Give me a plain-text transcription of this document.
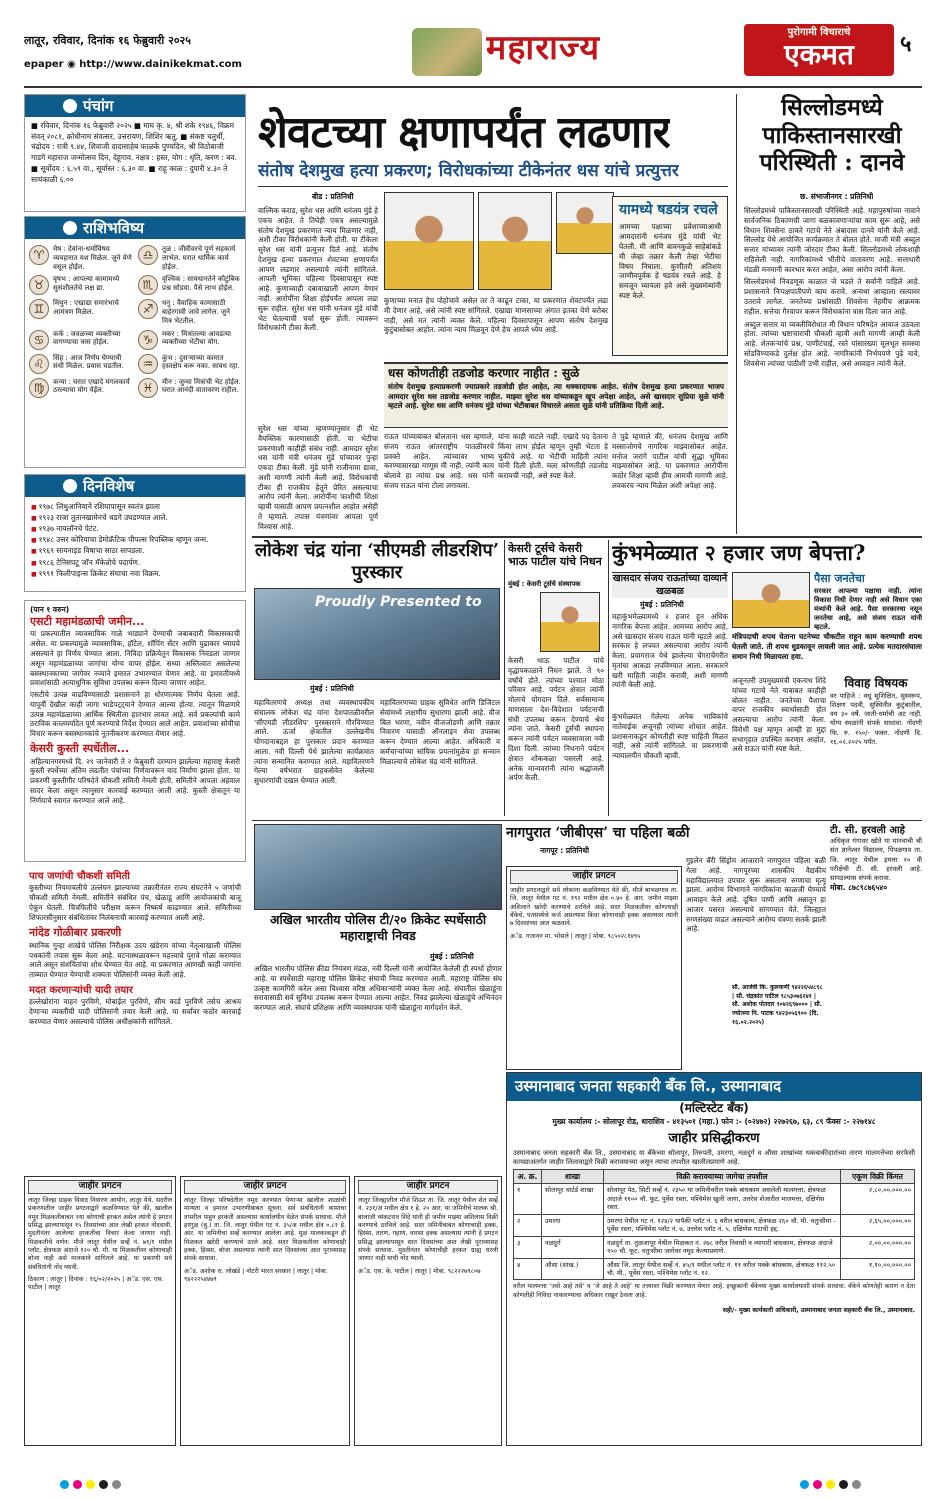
लातूर, रविवार, दिनांक १६ फेब्रुवारी २०२५
epaper ◉ http://www.dainikekmat.com	महाराज्य	पुरोगामी विचाराचे
एकमत	५
पंचांग
■ रविवार, दिनांक १६ फेब्रुवारी २०२५ ■ माघ कृ. ४, श्री शके १९४६, विक्रम संवत् २०८१, क्रोधीनाम संवत्सर, उत्तरायण, शिशिर ऋतु, ■ संकष्ट चतुर्थी, चंद्रोदय : रात्री ९.४४, शिवाजी दादासाहेब फाळके पुण्यदिन, श्री विठोबाजी गाडगे महाराज जन्मोत्सव दिन, देहूगाव. नक्षत्र : हस्त, योग : धृति, करण : बव. ■ सूर्योदय : ६.५९ वा., सूर्यास्त : ६.३० वा. ■ राहू काळ : दुपारी ४.३० ते सायंकाळी ६.००
राशिभविष्य
♈	मेष : देवांना-धर्माविषय व्यवहारात यश मिळेल. जुने येणे वसूल होईल.
♎	तुळ : जीवीवरचे पूर्ण सहकार्य लाभेल. घरात धार्मिक कार्य होईल.
♉	वृषभ : आपल्या कामामध्ये सुसंशीलतेचे लक्ष द्या.	♏	वृश्चिक : सावधानतेने कौटुंबिक प्रश्न सोडवा. पैसे लाभ होईल.
♊	मिथुन : एखाद्या समारंभाचे आमंत्रण मिळेल.	♐	धनु : वैवाहिक कामासाठी बाहेरगावी जावे लागेल. जुने मित्र भेटतील.
♋	कर्क : जवळच्या व्यक्तीच्या वागण्याचा त्रास होईल.	♑	मकर : मित्रांतल्या आवडत्या व्यक्तीच्या भेटीचा योग.
♌	सिंह : आज निर्णय घेण्याची संधी मिळेल. प्रवास घडतील.	♒	कुंभ : दुसऱ्याच्या कामात हस्तक्षेप करू नका. सावध रहा.
♍	कन्या : घरात एखादे मंगलकार्य ठरल्याचा योग येईल.	♓	मीन : जुन्या मित्रांची भेट होईल. घरात आनंदी वातावरण राहील.
दिनविशेष
■ १९७८ लिथुआनियाने रशियापासून स्वतंत्र झाला
■ १९२३ राजा तुतानखामेनचे थडगे उघडण्यात आले.
■ १९३७ नायलॉनचे पेटंट.
■ १९४८ उत्तर कोरियाचा डेमोक्रॅटिक पीपल्स रिपब्लिक म्हणून जन्म.
■ १९६९ सायनाइड विषाचा साठा सापडला.
■ १९८६ टेनिसपटू जॉन मॅकेन्रोचे पदार्पण.
■ १९९१ फिलीपाइन्स क्रिकेट संघाचा नवा विक्रम.
(पान १ वरुन)
एसटी महामंडळाची जमीन...

या प्रकल्पातील व्यावसायिक गाळे भाड्याने देण्याची जबाबदारी विकासकाची असेल. या प्रकल्पामुळे व्यावसायिक, हॉटेल, शॉपिंग सेंटर आणि पुढाकार घ्यायचे असल्याने हा निर्णय घेण्यात आला. निविदा प्रक्रियेतून विकासक निवडला जाणार असून महामंडळाच्या जागांचा योग्य वापर होईल. सध्या अस्तित्वात असलेल्या बसस्थानकाच्या जागेवर नव्याने इमारत उभारण्यात येणार आहे. या इमारतीमध्ये प्रवाशांसाठी अत्याधुनिक सुविधा उपलब्ध करून दिल्या जाणार आहेत.

एसटीचे उत्पन्न वाढविण्यासाठी प्रशासनाने हा धोरणात्मक निर्णय घेतला आहे. यापूर्वी देखील काही जागा भाडेपट्ट्याने देण्यात आल्या होत्या. त्यातून मिळणारे उत्पन्न महामंडळाच्या आर्थिक स्थितीला हातभार लावत आहे. सर्व प्रकल्पांची कामे ठराविक कालमर्यादेत पूर्ण करण्याचे निर्देश देण्यात आले आहेत. प्रवाशांच्या सोयीचा विचार करून बसस्थानकांचे नूतनीकरण करण्यात येणार आहे.

केसरी कुस्ती स्पर्धेतील...

अहिल्यानगरमध्ये दि. २९ जानेवारी ते २ फेब्रुवारी दरम्यान झालेल्या महाराष्ट्र केसरी कुस्ती स्पर्धेच्या अंतिम लढतीत पंचांच्या निर्णयावरून वाद निर्माण झाला होता. या प्रकरणी कुस्तीगीर परिषदेने चौकशी समिती नेमली होती. समितीने आपला अहवाल सादर केला असून त्यानुसार कारवाई करण्यात आली आहे. कुस्ती क्षेत्रातून या निर्णयाचे स्वागत करण्यात आले आहे.

पाच जणांची चौकशी समिती

कुस्तीच्या नियमावलीचे उल्लंघन झाल्याच्या तक्रारीनंतर राज्य संघटनेने ५ जणांची चौकशी समिती नेमली. समितीने संबंधित पंच, खेळाडू आणि आयोजकांची बाजू ऐकून घेतली. चित्रफितींचे परीक्षण करून निष्कर्ष काढण्यात आले. समितीच्या शिफारसीनुसार संबंधितांवर निलंबनाची कारवाई करण्यात आली आहे.

नांदेड गोळीबार प्रकरणी

स्थानिक गुन्हा शाखेचे पोलिस निरीक्षक उदय खंडेराय यांच्या नेतृत्वाखाली पोलिस पथकांनी तपास सुरू केला आहे. घटनास्थळावरून महत्त्वाचे पुरावे गोळा करण्यात आले असून संशयितांचा शोध घेण्यात येत आहे. या प्रकरणात आणखी काही जणांना ताब्यात घेण्यात येण्याची शक्यता पोलिसांनी व्यक्त केली आहे.

मदत करणाऱ्यांची यादी तयार

हल्लेखोरांना वाहन पुरविणे, मोबाईल पुरविणे, सीम कार्ड पुरविणे तसेच आश्रय देणाऱ्या व्यक्तींची यादी पोलिसांनी तयार केली आहे. या सर्वांवर कठोर कारवाई करण्यात येणार असल्याचे पोलिस अधीक्षकांनी सांगितले.

शेवटच्या क्षणापर्यंत लढणार
संतोष देशमुख हत्या प्रकरण; विरोधकांच्या टीकेनंतर धस यांचे प्रत्युत्तर
बीड : प्रतिनिधी
वाल्मिक कराड, सुरेश धस आणि धनंजय मुंडे हे एकच आहेत. ते तिघेही एकत्र असल्यामुळे संतोष देशमुख प्रकरणात न्याय मिळणार नाही, अशी टीका विरोधकांनी केली होती. या टीकेला सुरेश धस यांनी प्रत्युत्तर दिले आहे. संतोष देशमुख हत्या प्रकरणात शेवटच्या क्षणापर्यंत आपण लढणार असल्याचे त्यांनी सांगितले. आपली भूमिका पहिल्या दिवसापासून स्पष्ट आहे. कुणाच्याही दबावाखाली आपण येणार नाही. आरोपींना शिक्षा होईपर्यंत आपला लढा सुरू राहील. सुरेश धस यांनी धनंजय मुंडे यांची भेट घेतल्याची चर्चा सुरू होती. त्यावरून विरोधकांनी टीका केली.
सुरेश धस यांच्या म्हणण्यानुसार ही भेट वैयक्तिक कारणासाठी होती. या भेटीचा प्रकरणाशी काहीही संबंध नाही. आमदार सुरेश धस यांनी मंत्री धनंजय मुंडे यांच्यावर पुन्हा एकदा टीका केली. मुंडे यांनी राजीनामा द्यावा, अशी मागणी त्यांनी केली आहे. विरोधकांची टीका ही राजकीय हेतूने प्रेरित असल्याचा आरोप त्यांनी केला. आरोपींना फाशीची शिक्षा व्हावी यासाठी आपण प्रयत्नशील आहोत असेही ते म्हणाले. तपास यंत्रणांवर आपला पूर्ण विश्वास आहे.
यामध्ये षडयंत्र रचले
आमच्या पक्षाच्या प्रवेशाच्याआधी आमदारांनी धनंजय मुंडे यांची भेट घेतली. मी आणि बावनकुळे साहेबांकडे मी जेव्हा तक्रार केली तेव्हा भेटीचा विषय निघाला. कुणीतरी अतिशय जाणीवपूर्वक हे षडयंत्र रचले आहे. हे समजून घ्यायला हवे असे मुख्यमंत्र्यांनी स्पष्ट केले.
कुणाच्या मनात हेच पोहोचावे असेल तर ते काढून टाका, या प्रकरणात शेवटपर्यंत लढा मी देणार आहे, असे त्यांनी स्पष्ट सांगितले. एखाद्या माणसाच्या अंगात इतका येणे बरोबर नाही, असे मत त्यांनी व्यक्त केले. पहिल्या दिवसापासून आपण संतोष देशमुख कुटुंबासोबत आहोत. त्यांना न्याय मिळवून देणे हेच आपले ध्येय आहे.
धस कोणतीही तडजोड करणार नाहीत : सुळे
संतोष देशमुख हत्याप्रकरणी ज्याप्रकारे तडजोडी होत आहेत, त्या धक्कादायक आहेत. संतोष देशमुख हत्या प्रकरणात भाजप आमदार सुरेश धस तडजोड करणार नाहीत. माझ्या सुरेश धस यांच्याकडून खूप अपेक्षा आहेत, असे खासदार सुप्रिया सुळे यांनी म्हटले आहे. सुरेश धस आणि धनंजय मुंडे यांच्या भेटीबाबत विचारले असता सुळे यांनी प्रतिक्रिया दिली आहे.
राऊत यांच्याबाबत बोलताना धस म्हणाले, संजय राऊत आंतरराष्ट्रीय पातळीवरचे प्रवक्ते आहेत. त्यांच्यावर भाष्य करण्यासारखा माणूस मी नाही. त्यांनी काय बोलावे हा त्यांचा प्रश्न आहे. धस यांनी संजय राऊत यांना टोला लगावला.
यांना काही वाटले नाही. एखादे पद देताना किंवा लाभ होईल म्हणून तुम्ही भेटता हे चुकीचे आहे. या भेटीची माहिती त्यांना यांनी दिली होती. मला कोणतीही तडजोड करायची नाही, असे स्पष्ट केले.
ते पुढे म्हणाले की, धनंजय देशमुख आणि मस्साजोगचे नागरिक माझ्यासोबत आहेत. मनोज जरांगे पाटील यांची सुद्धा भूमिका माझ्यासोबत आहे. या प्रकरणात आरोपींना कठोर शिक्षा व्हावी हीच आमची मागणी आहे. लवकरच न्याय मिळेल अशी अपेक्षा आहे.
सिल्लोडमध्ये पाकिस्तानसारखी परिस्थिती : दानवे
छ. संभाजीनगर : प्रतिनिधी

सिल्लोडमध्ये पाकिस्तानसारखी परिस्थिती आहे. महापुरुषांच्या नावाने सार्वजनिक ठिकाणची जागा बळकावणाऱ्यांचा काम सुरू आहे, असे विधान शिवसेना ठाकरे गटाचे नेते अंबादास दानवे यांनी केले आहे. सिल्लोड येथे आयोजित कार्यक्रमात ते बोलत होते. माजी मंत्री अब्दुल सत्तार यांच्यावर त्यांनी जोरदार टीका केली. सिल्लोडमध्ये लोकशाही राहिलेली नाही. नागरिकांमध्ये भीतीचे वातावरण आहे. सत्ताधारी मंडळी मनमानी कारभार करत आहेत, असा आरोप त्यांनी केला.

सिल्लोडमध्ये निवडणूक काळात जे घडले ते सर्वांनी पाहिले आहे. प्रशासनाने निःपक्षपातीपणे काम करावे. अन्यथा आम्हाला रस्त्यावर उतरावे लागेल. जनतेच्या प्रश्नांसाठी शिवसेना नेहमीच आक्रमक राहील. सत्तेचा गैरवापर करून विरोधकांना त्रास दिला जात आहे.

अब्दुल सत्तार या व्यक्तीविरोधात मी विधान परिषदेत आवाज उठवला होता. त्यांच्या भ्रष्टाचाराची चौकशी व्हावी अशी मागणी आम्ही केली आहे. शेतकऱ्यांचे प्रश्न, पाणीटंचाई, रस्ते यांसारख्या मूलभूत समस्या सोडविण्याकडे दुर्लक्ष होत आहे. नागरिकांनी निर्भयपणे पुढे यावे, शिवसेना त्यांच्या पाठीशी उभी राहील, असे आवाहन त्यांनी केले.

लोकेश चंद्र यांना ‘सीएमडी लीडरशिप’ पुरस्कार
Proudly Presented to
मुंबई : प्रतिनिधी
महावितरणचे अध्यक्ष तथा व्यवस्थापकीय संचालक लोकेश चंद्र यांना देशपातळीवरील ‘सीएमडी लीडरशिप’ पुरस्काराने गौरविण्यात आले. ऊर्जा क्षेत्रातील उल्लेखनीय योगदानाबद्दल हा पुरस्कार प्रदान करण्यात आला. नवी दिल्ली येथे झालेल्या कार्यक्रमात त्यांना सन्मानित करण्यात आले. महावितरणने गेल्या वर्षभरात ग्राहकसेवेत केलेल्या सुधारणांची दखल घेण्यात आली.
महावितरणच्या ग्राहक सुविधेत आणि डिजिटल सेवांमध्ये लक्षणीय सुधारणा झाली आहे. वीज बिल भरणा, नवीन वीजजोडणी आणि तक्रार निवारण यासाठी ऑनलाइन सेवा उपलब्ध करून देण्यात आल्या आहेत. अधिकारी व कर्मचाऱ्यांच्या सांघिक प्रयत्नांमुळेच हा सन्मान मिळाल्याचे लोकेश चंद्र यांनी सांगितले.
केसरी टूर्सचे केसरी भाऊ पाटील यांचे निधन
मुंबई : केसरी टूर्सचे संस्थापक
केसरी भाऊ पाटील यांचे वृद्धापकाळाने निधन झाले. ते ९० वर्षांचे होते. त्यांच्या पश्चात मोठा परिवार आहे. पर्यटन क्षेत्रात त्यांनी मोलाचे योगदान दिले. सर्वसामान्य माणसाला देश-विदेशात पर्यटनाची संधी उपलब्ध करून देण्याचे श्रेय त्यांना जाते. केसरी टूर्सची स्थापना करून त्यांनी पर्यटन व्यवसायाला नवी दिशा दिली. त्यांच्या निधनाने पर्यटन क्षेत्रात शोककळा पसरली आहे. अनेक मान्यवरांनी त्यांना श्रद्धांजली अर्पण केली.
कुंभमेळ्यात २ हजार जण बेपत्ता?
खासदार संजय राऊतांच्या दाव्याने खळबळ
मुंबई : प्रतिनिधी
महाकुंभमेळ्यामध्ये २ हजार हून अधिक नागरिक बेपत्ता आहेत. आमच्या आरोप आहे, असे खासदार संजय राऊत यांनी म्हटले आहे. सरकार हे लपवत असल्याचा आरोप त्यांनी केला. प्रयागराज येथे झालेल्या चेंगराचेंगरीत मृतांचा आकडा लपविण्यात आला. सरकारने खरी माहिती जाहीर करावी, अशी मागणी त्यांनी केली आहे.
कुंभमेळ्यात गेलेल्या अनेक भाविकांचे नातेवाईक अजूनही त्यांच्या शोधात आहेत. प्रशासनाकडून कोणतीही स्पष्ट माहिती मिळत नाही, असे त्यांनी सांगितले. या प्रकरणाची न्यायालयीन चौकशी व्हावी.
पैसा जनतेचा
सरकार आपल्या पक्षाचा नाही. त्यांना विकास निधी देणार नाही असे विधान एका मंत्र्यांनी केले आहे. पैसा सरकारचा नसून जनतेचा आहे, असे संजय राऊत यांनी म्हटले.
मंत्रिपदाची शपथ घेताना घटनेच्या चौकटीत राहून काम करण्याची शपथ घेतली जाते. ती शपथ धुडकावून लावली जात आहे. प्रत्येक मतदारसंघाला समान निधी मिळायला हवा.
अजूनतरी उपमुख्यमंत्री एकनाथ शिंदे यांच्या गटाचे नेते याबाबत काहीही बोलत नाहीत. जनतेच्या पैशाचा वापर राजकीय स्वार्थासाठी होत असल्याचा आरोप त्यांनी केला. विरोधी पक्ष म्हणून आम्ही हा मुद्दा सभागृहात उपस्थित करणार आहोत, असे राऊत यांनी स्पष्ट केले.
अखिल भारतीय पोलिस टी/२० क्रिकेट स्पर्धेसाठी महाराष्ट्राची निवड
मुंबई : प्रतिनिधी
अखिल भारतीय पोलिस क्रीडा नियंत्रण मंडळ, नवी दिल्ली यांनी आयोजित केलेली ही स्पर्धा होणार आहे. या स्पर्धेसाठी महाराष्ट्र पोलिस क्रिकेट संघाची निवड करण्यात आली. महाराष्ट्र पोलिस संघ उत्कृष्ट कामगिरी करेल असा विश्वास वरिष्ठ अधिकाऱ्यांनी व्यक्त केला आहे. संघातील खेळाडूंना सरावासाठी सर्व सुविधा उपलब्ध करून देण्यात आल्या आहेत. निवड झालेल्या खेळाडूंचे अभिनंदन करण्यात आले. संघाचे प्रशिक्षक आणि व्यवस्थापक यांनी खेळाडूंना मार्गदर्शन केले.
जाहीर प्रगटन
जाहीर प्रगटनाद्वारे सर्व लोकांना कळविण्यात येते की, मौजे बाभळगाव ता. जि. लातूर येथील गट नं. १९२ मधील क्षेत्र ०.४० हे. आर. जमीन माझ्या अशिलाने खरेदी करण्याचे ठरविले आहे. सदर मिळकतीवर कोणत्याही बँकेचे, पतसंस्थेचे कर्ज असल्यास किंवा कोणाचाही हक्क असल्यास त्यांनी ७ दिवसांच्या आत कळवावे.
अॅड. गजानन मा. भोसले | लातूर | मोबा. ९८५०२८१४९५
नागपुरात ‘जीबीएस’ चा पहिला बळी
नागपूर : प्रतिनिधी
गुइलेन बॅरी सिंड्रोम आजाराने नागपुरात पहिला बळी गेला आहे. नागपूरच्या शासकीय वैद्यकीय महाविद्यालयात उपचार सुरू असताना रुग्णाचा मृत्यू झाला. आरोग्य विभागाने नागरिकांना काळजी घेण्याचे आवाहन केले आहे. दूषित पाणी आणि अन्नातून हा आजार पसरत असल्याचे सांगण्यात येते. जिल्ह्यात रुग्णसंख्या वाढत असल्याने आरोग्य यंत्रणा सतर्क झाली आहे.
टी. सी. हरवली आहे
अधिकृत गंगाधर खोते या मानवाची श्री संत ज्ञानेश्वर विद्यालय, पिंपळगाव ता. जि. लातूर येथील इयत्ता १० वी परीक्षेची टी. सी. हरवली आहे. सापडल्यास संपर्क करावा.
मोबा. ८७८९८७६५४०
विवाह विषयक
वर पाहिजे : वधू सुशिक्षित, सुस्वरूप, शिक्षण पदवी, सुस्थितीत कुटुंबातील, वय ३० वर्षे. जाती-धर्माची अट नाही. योग्य स्थळांनी संपर्क साधावा. नोंदणी फि. रु. १५०/- फक्त. नोंदणी दि. १६.०२.२०२५ पर्यंत.
सौ. आर्जवी कि. कुलकर्णी ९४२२६५४८९८ | सौ. चंद्रकांत पाटिल ९८५३०७६२४१ | सौ. अशोक पोतदार ९०४२६९७००० | सौ. ज्योत्स्ना पि. पाटक ९४२३०५६९०० (दि. १६.०२.२०२५)
उस्मानाबाद जनता सहकारी बँक लि., उस्मानाबाद
(मल्टिस्टेट बँक)
मुख्य कार्यालय :- सोलापूर रोड, धाराशिव - ४१३५०१ (महा.) फोन :- (०२४७२) २२७२६७, ६३, ८९ फॅक्स :- २२७१४८
जाहीर प्रसिद्धीकरण
उस्मानाबाद जनता सहकारी बँक लि., उस्मानाबाद या बँकेच्या सोलापूर, तिरुपती, उमरगा, नळदुर्ग व औसा शाखांच्या थकबाकीदारांच्या तारण मालमत्तेच्या सरफेसी कायद्याअंतर्गत जाहीर लिलावाद्वारे विक्री करावयाच्या असून त्याचा तपशील खालीलप्रमाणे आहे.
अ. क्र.	शाखा	विक्री करावयाच्या जागेचा तपशील	एकूण विक्री किंमत
१	सोलापूर चार्टर्ड शाखा	सोलापूर पेठ, सिटी सर्व्हे नं. २३५० या जमिनीवरील पक्के बांधकाम असलेली मालमत्ता, क्षेत्रफळ अंदाजे ११०० चौ. फूट, पूर्वेस रस्ता, पश्चिमेस खुली जागा, उत्तरेस शेजारील मालमत्ता, दक्षिणेस रस्ता.	२,८०,००,०००.००
२	उमरगा	उमरगा येथील गट नं. १२४/२ यापैकी प्लॉट नं. ६ वरील बांधकाम, क्षेत्रफळ २६० चौ. मी. चतुःसीमा - पूर्वेस रस्ता, पश्चिमेस प्लॉट नं. ७, उत्तरेस प्लॉट नं. ५, दक्षिणेस गटाची हद्द.	२,६५,००,०००.००
३	नळदुर्ग	नळदुर्ग ता. तुळजापूर येथील मिळकत नं. २७८ वरील निवासी व व्यापारी बांधकाम, क्षेत्रफळ अंदाजे ९५० चौ. फूट, चतुःसीमा जागेवर नमूद केल्याप्रमाणे.	२,००,००,०००.००
४	औसा (शाख.)	औसा जि. लातूर येथील सर्व्हे नं. ४५/१ मधील प्लॉट नं. ११ वरील पक्के बांधकाम, क्षेत्रफळ ११२.५० चौ. मी., पूर्वेस रस्ता, पश्चिमेस प्लॉट नं. १२.	१,१०,००,०००.००
वरील मालमत्ता ‘जसे आहे तसे’ व ‘जे आहे ते आहे’ या तत्त्वावर विक्री करण्यात येणार आहे. इच्छुकांनी बँकेच्या मुख्य कार्यालयाशी संपर्क साधावा. बँकेने कोणतेही कारण न देता कोणतीही निविदा नाकारण्याचा अधिकार राखून ठेवला आहे.
सही/- मुख्य कार्यकारी अधिकारी, उस्मानाबाद जनता सहकारी बँक लि., उस्मानाबाद.
जाहीर प्रगटन
लातूर जिल्हा ग्राहक विवाद निवारण आयोग, लातूर येथे. सदरील प्रकरणातील जाहीर प्रगटनाद्वारे कळविण्यात येते की, खालील नमूद मिळकतीबाबत ज्या कोणाची हरकत असेल त्यांनी हे प्रगटन प्रसिद्ध झाल्यापासून १५ दिवसांच्या आत लेखी हरकत नोंदवावी. मुदतीनंतर आलेल्या हरकतींचा विचार केला जाणार नाही. मिळकतीचे वर्णन: मौजे लातूर येथील सर्व्हे नं. ७१/१ मधील प्लॉट, क्षेत्रफळ अंदाजे १२० चौ. मी. या मिळकतीवर कोणाचाही बोजा नाही असे मालकाने सांगितले आहे. या प्रकरणी सर्व संबंधितांनी नोंद घ्यावी.
ठिकाण : लातूर | दिनांक : १६/०२/२०२५ | अॅड. एस. एस. पाटील | लातूर
जाहीर प्रगटन
लातूर जिल्हा परिषदेतील नमूद करण्यात येणाऱ्या खालील शाळांची मान्यता व इमारत उभारणीबाबत सूचना. सर्व संबंधितांनी कामाचा तपशील पाहून हरकती असल्यास कार्यालयीन वेळेत संपर्क साधावा. मौजे हरंगुळ (बु.) ता. जि. लातूर येथील गट नं. ३५/अ मधील क्षेत्र ०.८१ हे. आर. या जमिनीचा सर्व्हे करण्यात आलेला आहे. मूळ मालकाकडून ही मिळकत खरेदी करण्याचे ठरले आहे. सदर मिळकतीवर कोणाचाही हक्क, हिस्सा, बोजा असल्यास त्यांनी सात दिवसांच्या आत पुराव्यासह संपर्क साधावा.
अॅड. अशोक रा. लोखंडे | नोटरी भारत सरकार | लातूर | मोबा. ९४२२२५४४७९
जाहीर प्रगटन
लातूर जिल्ह्यातील मौजे शिऊर ता. जि. लातूर येथील शेत सर्व्हे नं. २३१/अ मधील क्षेत्र १ हे. २० आर. या जमिनीचे मालक श्री. बालाजी व्यंकटराव शिंदे यांनी ही जमीन माझ्या अशिलास विक्री करण्याचे ठरविले आहे. सदर जमिनीबाबत कोणाचाही हक्क, हिस्सा, तारण, गहाण, वारसा हक्क असल्यास त्यांनी हे प्रगटन प्रसिद्ध झाल्यापासून सात दिवसांच्या आत लेखी पुराव्यासह संपर्क साधावा. मुदतीनंतर कोणाचीही हरकत ग्राह्य धरली जाणार नाही याची नोंद घ्यावी.
अॅड. एस. के. पाटील | लातूर | मोबा. ९८२२२७९८०७
